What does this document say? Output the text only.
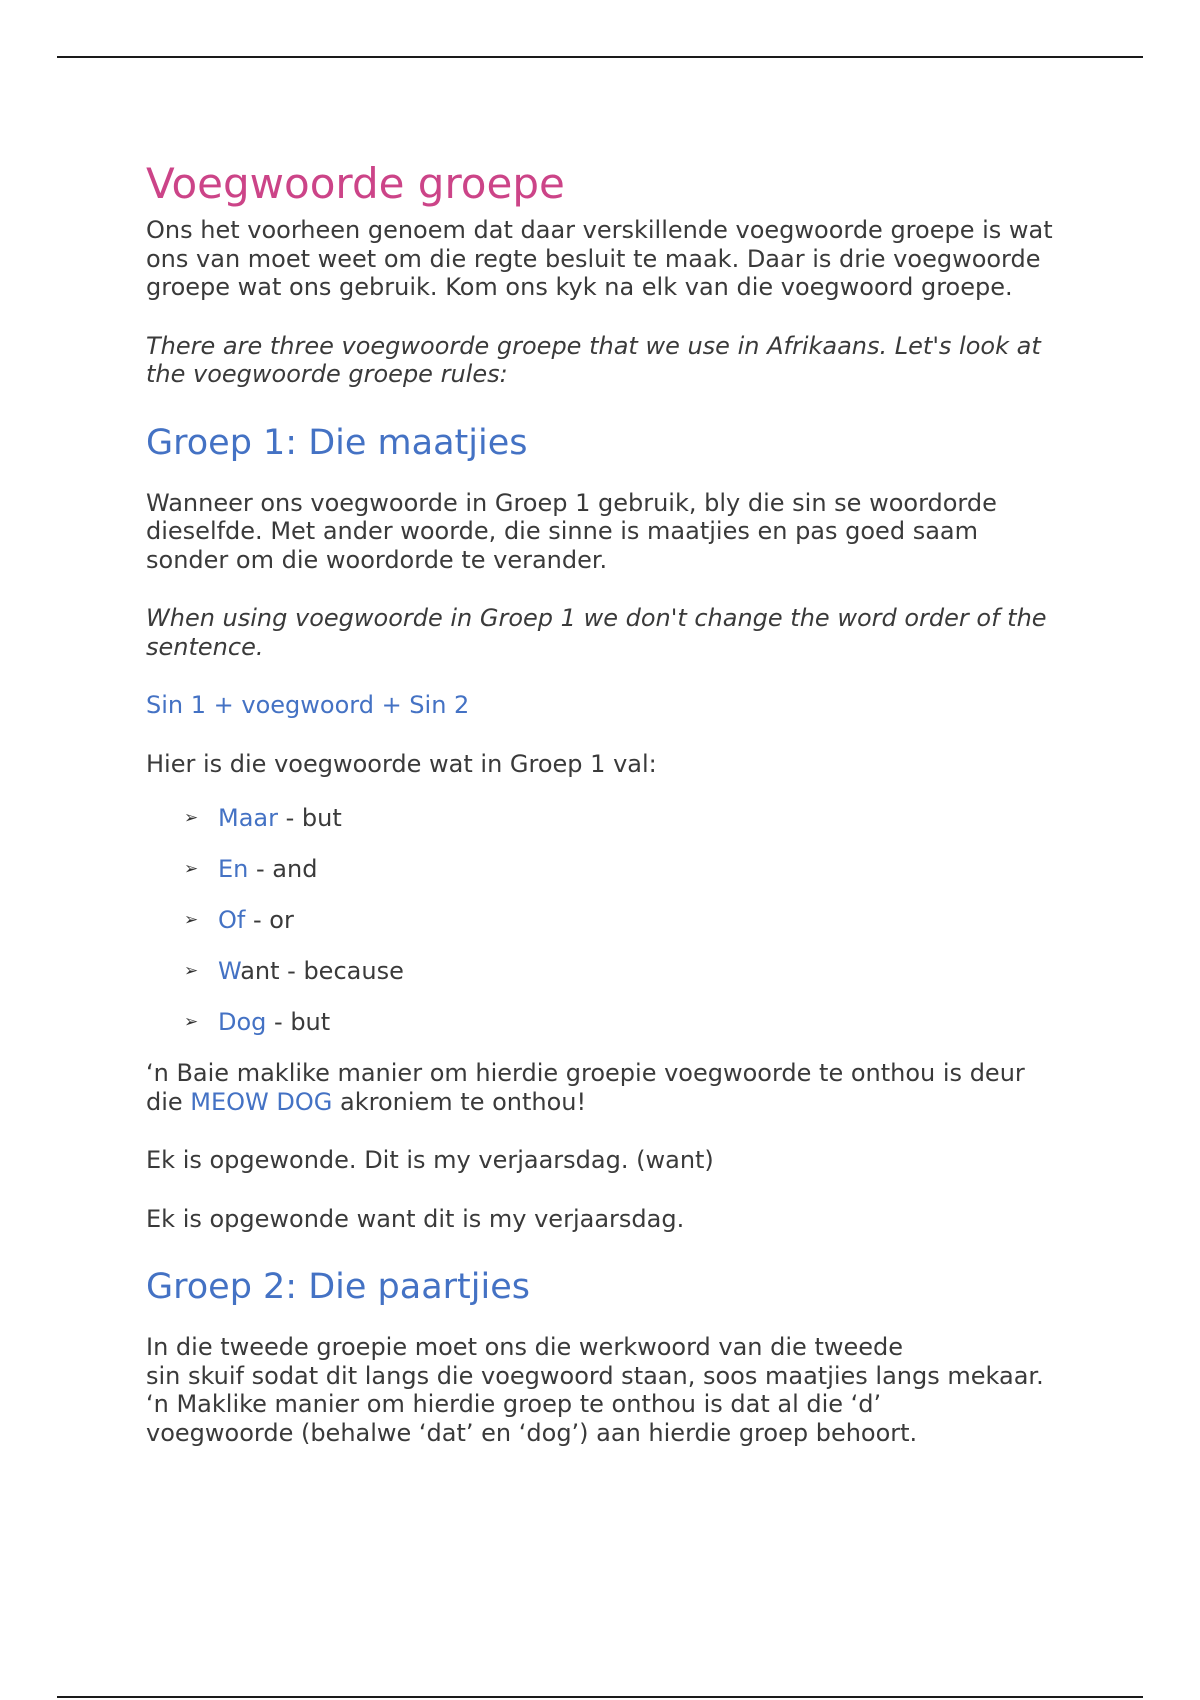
Voegwoorde groepe

Ons het voorheen genoem dat daar verskillende voegwoorde groepe is wat ons van moet weet om die regte besluit te maak. Daar is drie voegwoorde groepe wat ons gebruik. Kom ons kyk na elk van die voegwoord groepe.

There are three voegwoorde groepe that we use in Afrikaans. Let's look at the voegwoorde groepe rules:

Groep 1: Die maatjies

Wanneer ons voegwoorde in Groep 1 gebruik, bly die sin se woordorde dieselfde. Met ander woorde, die sinne is maatjies en pas goed saam sonder om die woordorde te verander.

When using voegwoorde in Groep 1 we don't change the word order of the sentence.

Sin 1 + voegwoord + Sin 2

Hier is die voegwoorde wat in Groep 1 val:

➢ Maar - but
➢ En - and
➢ Of - or
➢ Want - because
➢ Dog - but

‘n Baie maklike manier om hierdie groepie voegwoorde te onthou is deur die MEOW DOG akroniem te onthou!

Ek is opgewonde. Dit is my verjaarsdag. (want)

Ek is opgewonde want dit is my verjaarsdag.

Groep 2: Die paartjies

In die tweede groepie moet ons die werkwoord van die tweede

sin skuif sodat dit langs die voegwoord staan, soos maatjies langs mekaar.

‘n Maklike manier om hierdie groep te onthou is dat al die ‘d’

voegwoorde (behalwe ‘dat’ en ‘dog’) aan hierdie groep behoort.
